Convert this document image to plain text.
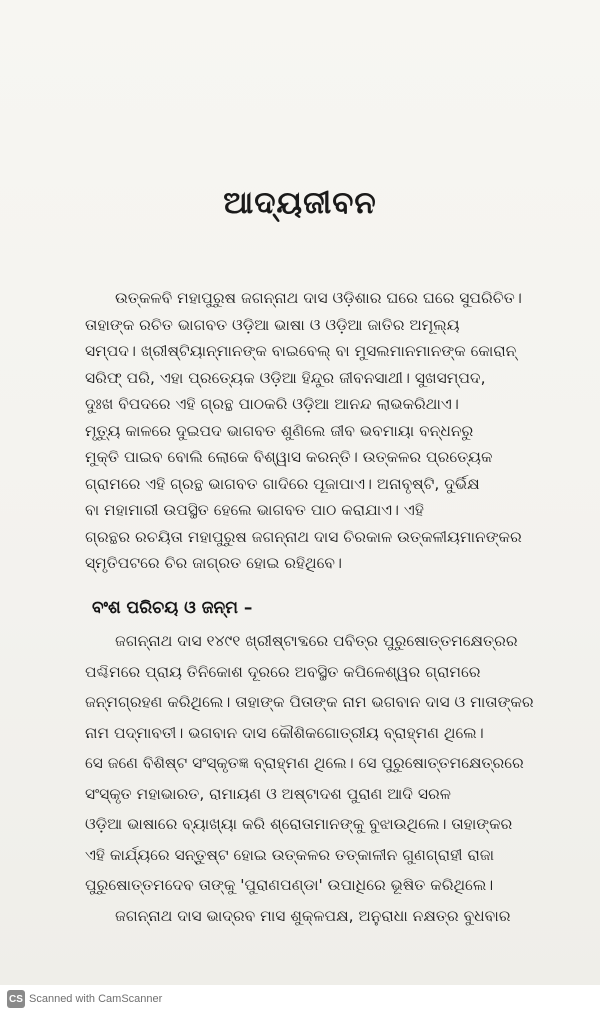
ଆଦ୍ୟଜୀବନ
ଉତ୍କଳବି ମହାପୁରୁଷ ଜଗନ୍ନାଥ ଦାସ ଓଡ଼ିଶାର ଘରେ ଘରେ ସୁପରିଚିତ।
ତାହାଙ୍କ ରଚିତ ଭାଗବତ ଓଡ଼ିଆ ଭାଷା ଓ ଓଡ଼ିଆ ଜାତିର ଅମୂଲ୍ୟ
ସମ୍ପଦ। ଖ୍ରୀଷ୍ଟିୟାନ୍‌ମାନଙ୍କ ବାଇବେଲ୍ ବା ମୁସଲମାନମାନଙ୍କ କୋରାନ୍
ସରିଫ୍ ପରି, ଏହା ପ୍ରତ୍ୟେକ ଓଡ଼ିଆ ହିନ୍ଦୁର ଜୀବନସାଥୀ। ସୁଖସମ୍ପଦ,
ଦୁଃଖ ବିପଦରେ ଏହି ଗ୍ରନ୍ଥ ପାଠକରି ଓଡ଼ିଆ ଆନନ୍ଦ ଲାଭକରିଥାଏ।
ମୃତ୍ୟୁ କାଳରେ ଦୁଇପଦ ଭାଗବତ ଶୁଣିଲେ ଜୀବ ଭବମାୟା ବନ୍ଧନରୁ
ମୁକ୍ତି ପାଇବ ବୋଲି ଲୋକେ ବିଶ୍ୱାସ କରନ୍ତି। ଉତ୍କଳର ପ୍ରତ୍ୟେକ
ଗ୍ରାମରେ ଏହି ଗ୍ରନ୍ଥ ଭାଗବତ ଗାଦିରେ ପୂଜାପାଏ। ଅନାବୃଷ୍ଟି, ଦୁର୍ଭିକ୍ଷ
ବା ମହାମାରୀ ଉପସ୍ଥିତ ହେଲେ ଭାଗବତ ପାଠ କରାଯାଏ। ଏହି
ଗ୍ରନ୍ଥର ରଚୟିତା ମହାପୁରୁଷ ଜଗନ୍ନାଥ ଦାସ ଚିରକାଳ ଉତ୍କଳୀୟମାନଙ୍କର
ସ୍ମୃତିପଟରେ ଚିର ଜାଗ୍ରତ ହୋଇ ରହିଥିବେ।
ବଂଶ ପରିଚୟ ଓ ଜନ୍ମ –
ଜଗନ୍ନାଥ ଦାସ ୧୪୯୧ ଖ୍ରୀଷ୍ଟାବ୍ଦରେ ପବିତ୍ର ପୁରୁଷୋତ୍ତମକ୍ଷେତ୍ରର
ପଶ୍ଚିମରେ ପ୍ରାୟ ତିନିକୋଶ ଦୂରରେ ଅବସ୍ଥିତ କପିଳେଶ୍ୱର ଗ୍ରାମରେ
ଜନ୍ମଗ୍ରହଣ କରିଥିଲେ। ତାହାଙ୍କ ପିତାଙ୍କ ନାମ ଭଗବାନ ଦାସ ଓ ମାତାଙ୍କର
ନାମ ପଦ୍ମାବତୀ। ଭଗବାନ ଦାସ କୌଶିକଗୋତ୍ରୀୟ ବ୍ରାହ୍ମଣ ଥିଲେ।
ସେ ଜଣେ ବିଶିଷ୍ଟ ସଂସ୍କୃତଜ୍ଞ ବ୍ରାହ୍ମଣ ଥିଲେ। ସେ ପୁରୁଷୋତ୍ତମକ୍ଷେତ୍ରରେ
ସଂସ୍କୃତ ମହାଭାରତ, ରାମାୟଣ ଓ ଅଷ୍ଟାଦଶ ପୁରାଣ ଆଦି ସରଳ
ଓଡ଼ିଆ ଭାଷାରେ ବ୍ୟାଖ୍ୟା କରି ଶ୍ରୋତାମାନଙ୍କୁ ବୁଝାଉଥିଲେ। ତାହାଙ୍କର
ଏହି କାର୍ଯ୍ୟରେ ସନ୍ତୁଷ୍ଟ ହୋଇ ଉତ୍କଳର ତତ୍କାଳୀନ ଗୁଣଗ୍ରାହୀ ରାଜା
ପୁରୁଷୋତ୍ତମଦେବ ତାଙ୍କୁ 'ପୁରାଣପଣ୍ଡା' ଉପାଧିରେ ଭୂଷିତ କରିଥିଲେ।
ଜଗନ୍ନାଥ ଦାସ ଭାଦ୍ରବ ମାସ ଶୁକ୍ଳପକ୍ଷ, ଅନୁରାଧା ନକ୍ଷତ୍ର ବୁଧବାର
CS Scanned with CamScanner
